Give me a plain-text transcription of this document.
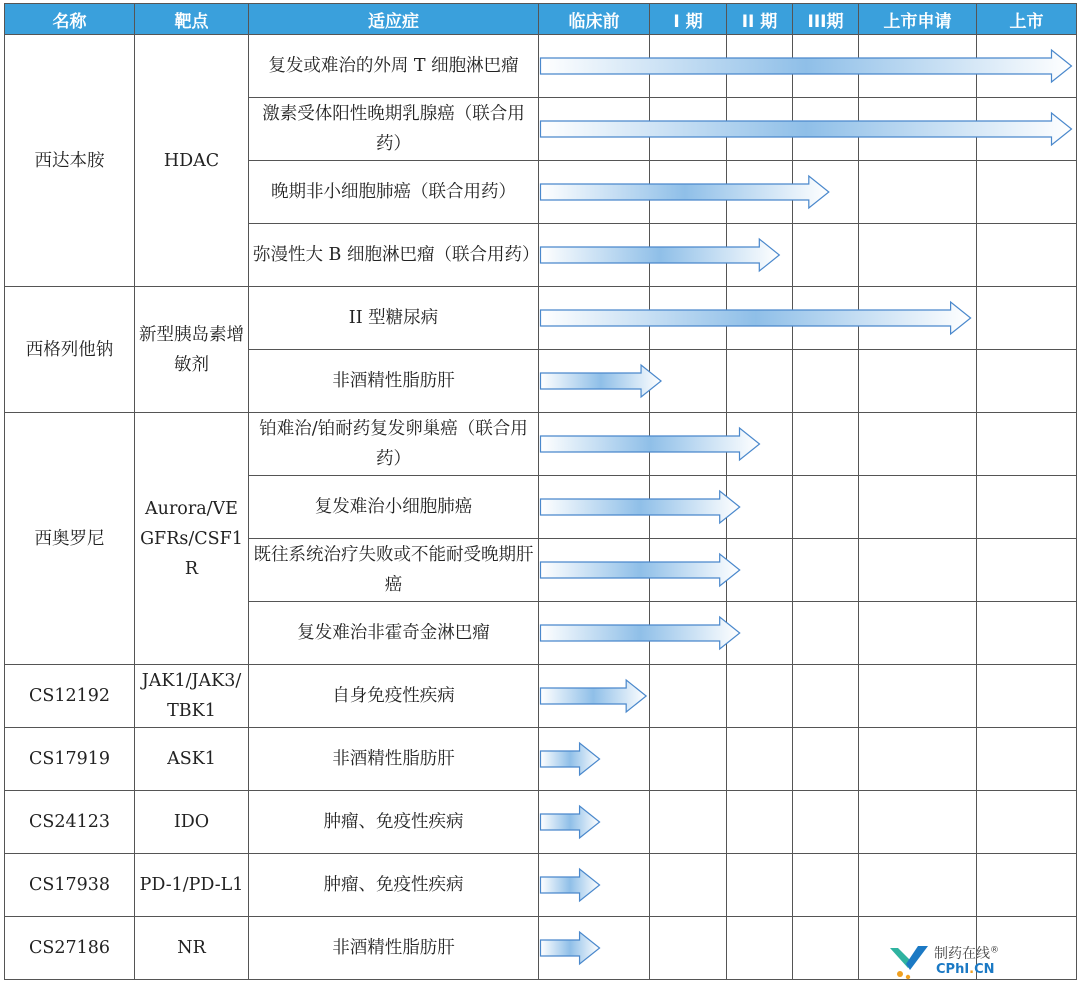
名称	靶点	适应症	临床前	I 期	II 期	III期	上市申请	上市
西达本胺	HDAC	复发或难治的外周 T 细胞淋巴瘤						
		激素受体阳性晚期乳腺癌（联合用药）						
		晚期非小细胞肺癌（联合用药）						
		弥漫性大 B 细胞淋巴瘤（联合用药）						
西格列他钠	新型胰岛素增敏剂	II 型糖尿病						
		非酒精性脂肪肝						
西奥罗尼	Aurora/VEGFRs/CSF1R	铂难治/铂耐药复发卵巢癌（联合用药）						
		复发难治小细胞肺癌						
		既往系统治疗失败或不能耐受晚期肝癌						
		复发难治非霍奇金淋巴瘤						
CS12192	JAK1/JAK3/TBK1	自身免疫性疾病						
CS17919	ASK1	非酒精性脂肪肝						
CS24123	IDO	肿瘤、免疫性疾病						
CS17938	PD-1/PD-L1	肿瘤、免疫性疾病						
CS27186	NR	非酒精性脂肪肝							制药在线®
CPhI.CN
